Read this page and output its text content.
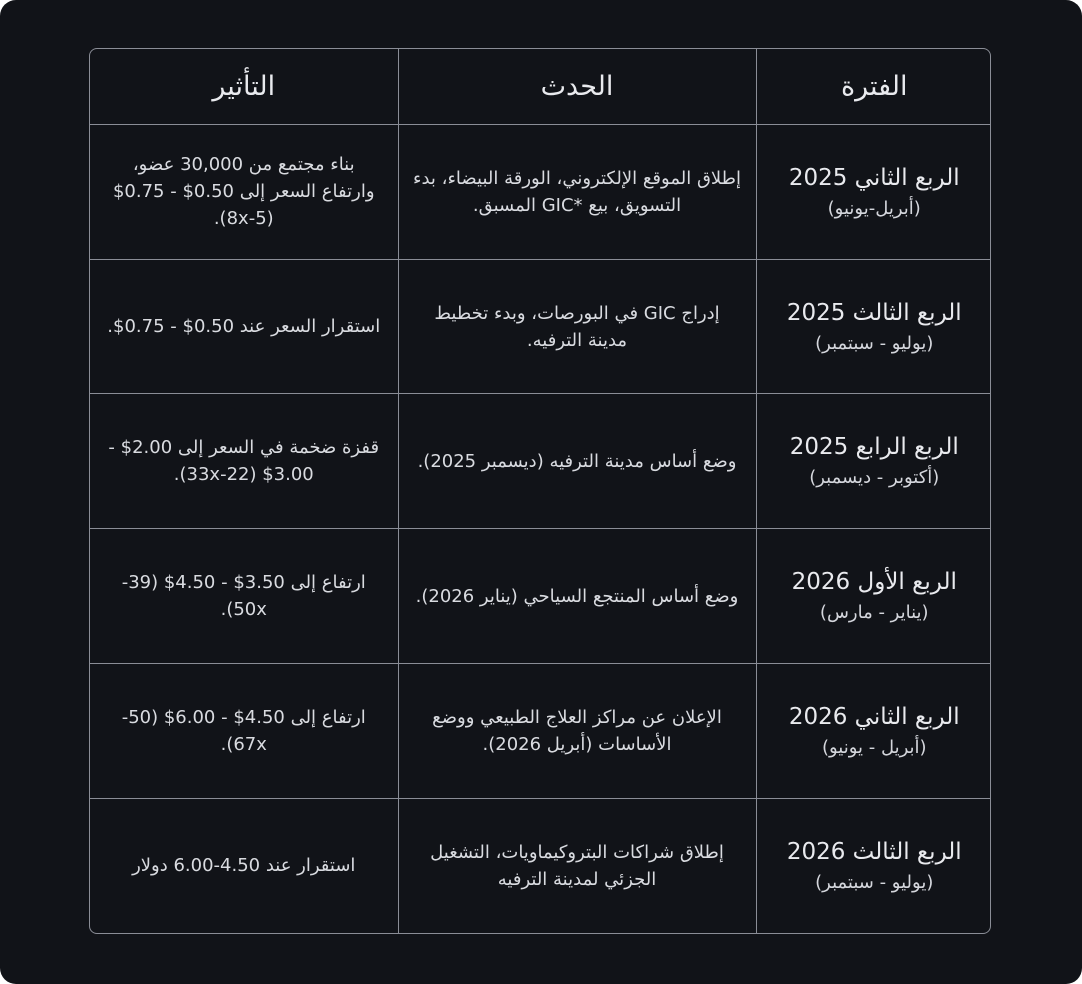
الفترة	الحدث	التأثير

الربع الثاني 2025
(أبريل-يونيو)	إطلاق الموقع الإلكتروني، الورقة البيضاء، بدء التسويق، بيع *GIC المسبق.	بناء مجتمع من 30,000 عضو، وارتفاع السعر إلى 0.50$ - 0.75$ (5-8x).

الربع الثالث 2025
(يوليو - سبتمبر)	إدراج GIC في البورصات، وبدء تخطيط مدينة الترفيه.	استقرار السعر عند 0.50$ - 0.75$.

الربع الرابع 2025
(أكتوبر - ديسمبر)	وضع أساس مدينة الترفيه (ديسمبر 2025).	قفزة ضخمة في السعر إلى 2.00$ - 3.00$ (22-33x).

الربع الأول 2026
(يناير - مارس)	وضع أساس المنتجع السياحي (يناير 2026).	ارتفاع إلى 3.50$ - 4.50$ (39-50x).

الربع الثاني 2026
(أبريل - يونيو)	الإعلان عن مراكز العلاج الطبيعي ووضع الأساسات (أبريل 2026).	ارتفاع إلى 4.50$ - 6.00$ (50-67x).

الربع الثالث 2026
(يوليو - سبتمبر)	إطلاق شراكات البتروكيماويات، التشغيل الجزئي لمدينة الترفيه	استقرار عند 4.50-6.00 دولار
